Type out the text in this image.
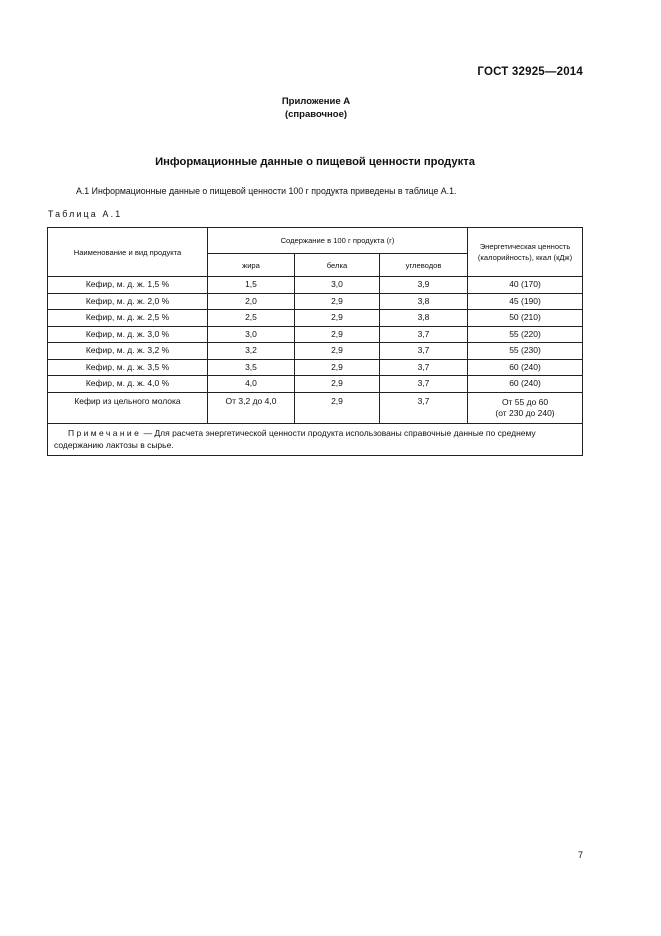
ГОСТ 32925—2014
Приложение А
(справочное)
Информационные данные о пищевой ценности продукта
А.1 Информационные данные о пищевой ценности 100 г продукта приведены в таблице А.1.
Таблица А.1
Наименование и вид продукта	Содержание в 100 г продукта (г)			Энергетическая ценность (калорийность), ккал (кДж)
	жира	белка	углеводов	
Кефир, м. д. ж. 1,5 %	1,5	3,0	3,9	40 (170)
Кефир, м. д. ж. 2,0 %	2,0	2,9	3,8	45 (190)
Кефир, м. д. ж. 2,5 %	2,5	2,9	3,8	50 (210)
Кефир, м. д. ж. 3,0 %	3,0	2,9	3,7	55 (220)
Кефир, м. д. ж. 3,2 %	3,2	2,9	3,7	55 (230)
Кефир, м. д. ж. 3,5 %	3,5	2,9	3,7	60 (240)
Кефир, м. д. ж. 4,0 %	4,0	2,9	3,7	60 (240)
Кефир из цельного молока	От 3,2 до 4,0	2,9	3,7	От 55 до 60
(от 230 до 240)

Примечание — Для расчета энергетической ценности продукта использованы справочные данные по среднему содержанию лактозы в сырье.				
7
